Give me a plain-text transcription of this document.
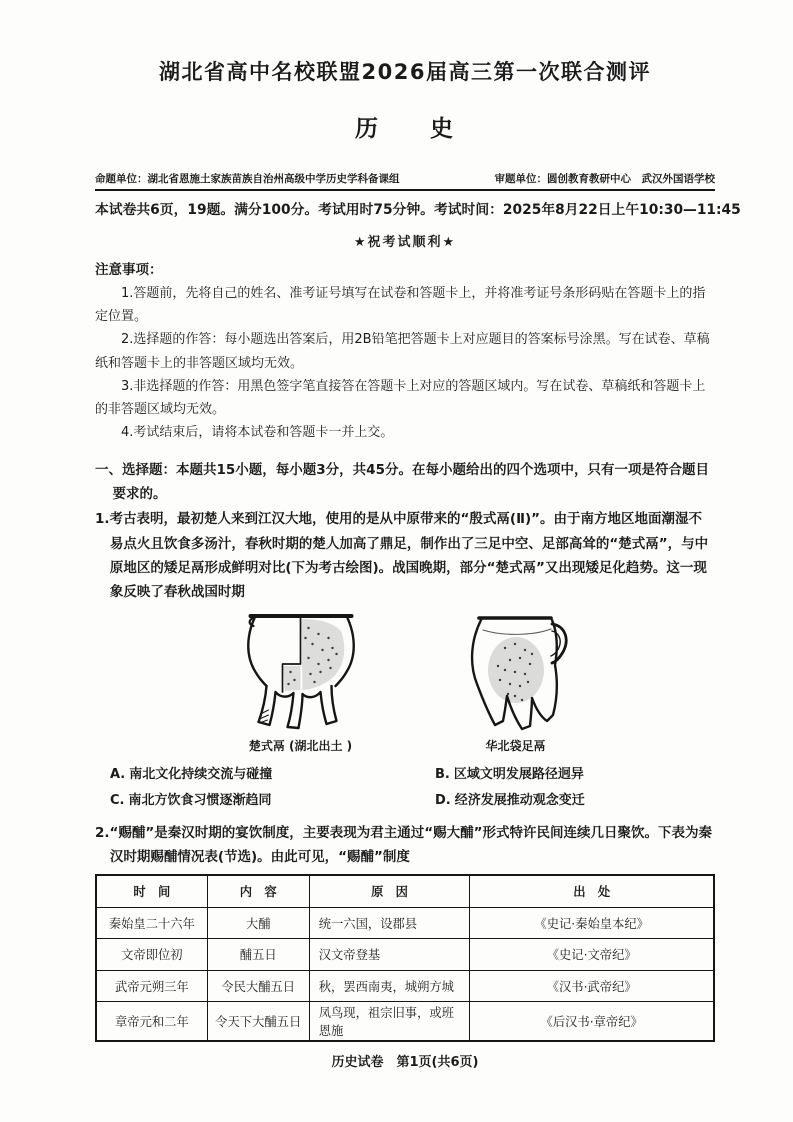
湖北省高中名校联盟2026届高三第一次联合测评
历　　史
命题单位：湖北省恩施土家族苗族自治州高级中学历史学科备课组	审题单位：圆创教育教研中心　武汉外国语学校
本试卷共6页，19题。满分100分。考试用时75分钟。 考试时间：2025年8月22日上午10:30—11:45
★祝考试顺利★
注意事项：

1.答题前，先将自己的姓名、准考证号填写在试卷和答题卡上，并将准考证号条形码贴在答题卡上的指定位置。

2.选择题的作答：每小题选出答案后，用2B铅笔把答题卡上对应题目的答案标号涂黑。写在试卷、草稿纸和答题卡上的非答题区域均无效。

3.非选择题的作答：用黑色签字笔直接答在答题卡上对应的答题区域内。写在试卷、草稿纸和答题卡上的非答题区域均无效。

4.考试结束后，请将本试卷和答题卡一并上交。

一、选择题：本题共15小题，每小题3分，共45分。在每小题给出的四个选项中，只有一项是符合题目要求的。

1.考古表明，最初楚人来到江汉大地，使用的是从中原带来的“殷式鬲(Ⅱ)”。由于南方地区地面潮湿不易点火且饮食多汤汁，春秋时期的楚人加高了鼎足，制作出了三足中空、足部高耸的“楚式鬲”，与中原地区的矮足鬲形成鲜明对比(下为考古绘图)。战国晚期，部分“楚式鬲”又出现矮足化趋势。这一现象反映了春秋战国时期

楚式鬲 (湖北出土 )	华北袋足鬲
A. 南北文化持续交流与碰撞	B. 区域文明发展路径迥异
C. 南北方饮食习惯逐渐趋同	D. 经济发展推动观念变迁

2.“赐酺”是秦汉时期的宴饮制度，主要表现为君主通过“赐大酺”形式特许民间连续几日聚饮。下表为秦汉时期赐酺情况表(节选)。由此可见，“赐酺”制度

时　间	内　容	原　因	出　处
秦始皇二十六年	大酺	统一六国，设郡县	《史记·秦始皇本纪》
文帝即位初	酺五日	汉文帝登基	《史记·文帝纪》
武帝元朔三年	令民大酺五日	秋，罢西南夷，城朔方城	《汉书·武帝纪》
章帝元和二年	令天下大酺五日	凤鸟现，祖宗旧事，或班恩施	《后汉书·章帝纪》
历史试卷　第1页(共6页)
